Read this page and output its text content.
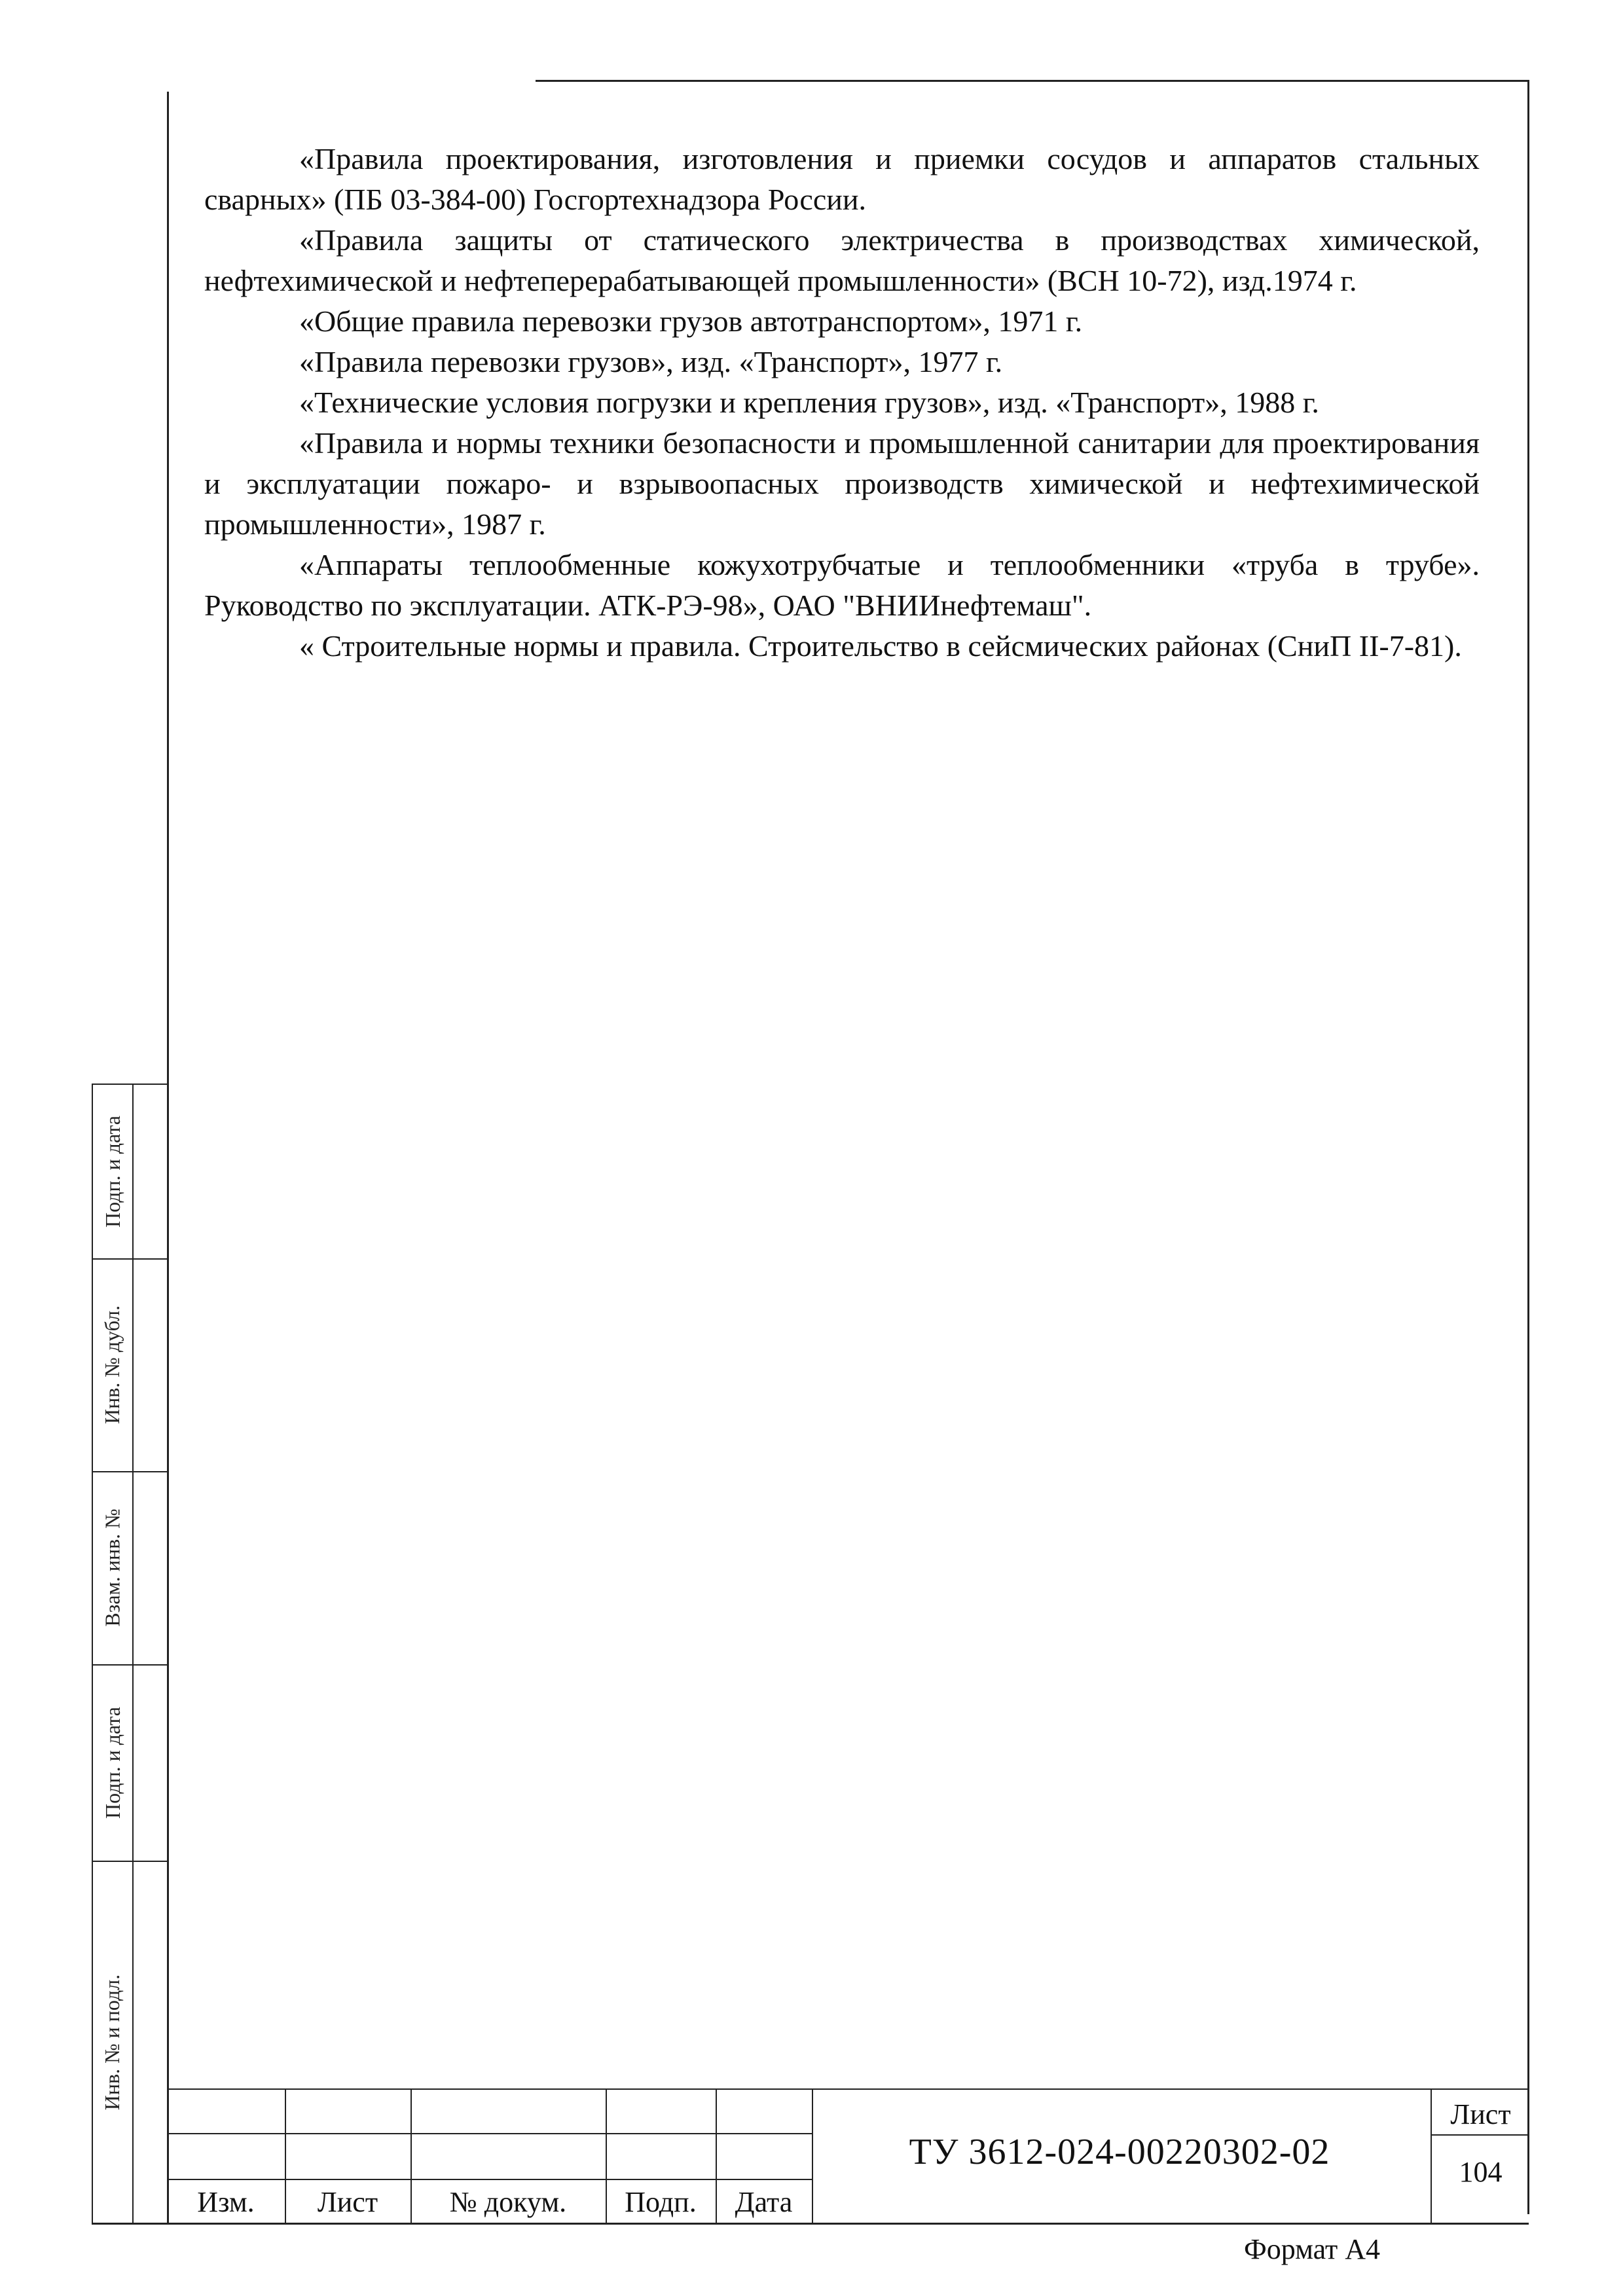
«Правила проектирования, изготовления и приемки сосудов и аппаратов стальных сварных» (ПБ 03-384-00) Госгортехнадзора России.

«Правила защиты от статического электричества в производствах химической, нефтехимической и нефтеперерабатывающей промышленности» (ВСН 10-72), изд.1974 г.

«Общие правила перевозки грузов автотранспортом», 1971 г.

«Правила перевозки грузов», изд. «Транспорт», 1977 г.

«Технические условия погрузки и крепления грузов», изд. «Транспорт», 1988 г.

«Правила и нормы техники безопасности и промышленной санитарии для проектирования и эксплуатации пожаро- и взрывоопасных производств химической и нефтехимической промышленности», 1987 г.

«Аппараты теплообменные кожухотрубчатые и теплообменники «труба в трубе». Руководство по эксплуатации. АТК-РЭ-98», ОАО "ВНИИнефтемаш".

« Строительные нормы и правила. Строительство в сейсмических районах (СниП II-7-81).

Подп. и дата
Инв. № дубл.
Взам. инв. №
Подп. и дата
Инв. № и подл.
Изм.	Лист	№ докум.	Подп.	Дата
ТУ 3612-024-00220302-02
Лист
104
Формат А4
